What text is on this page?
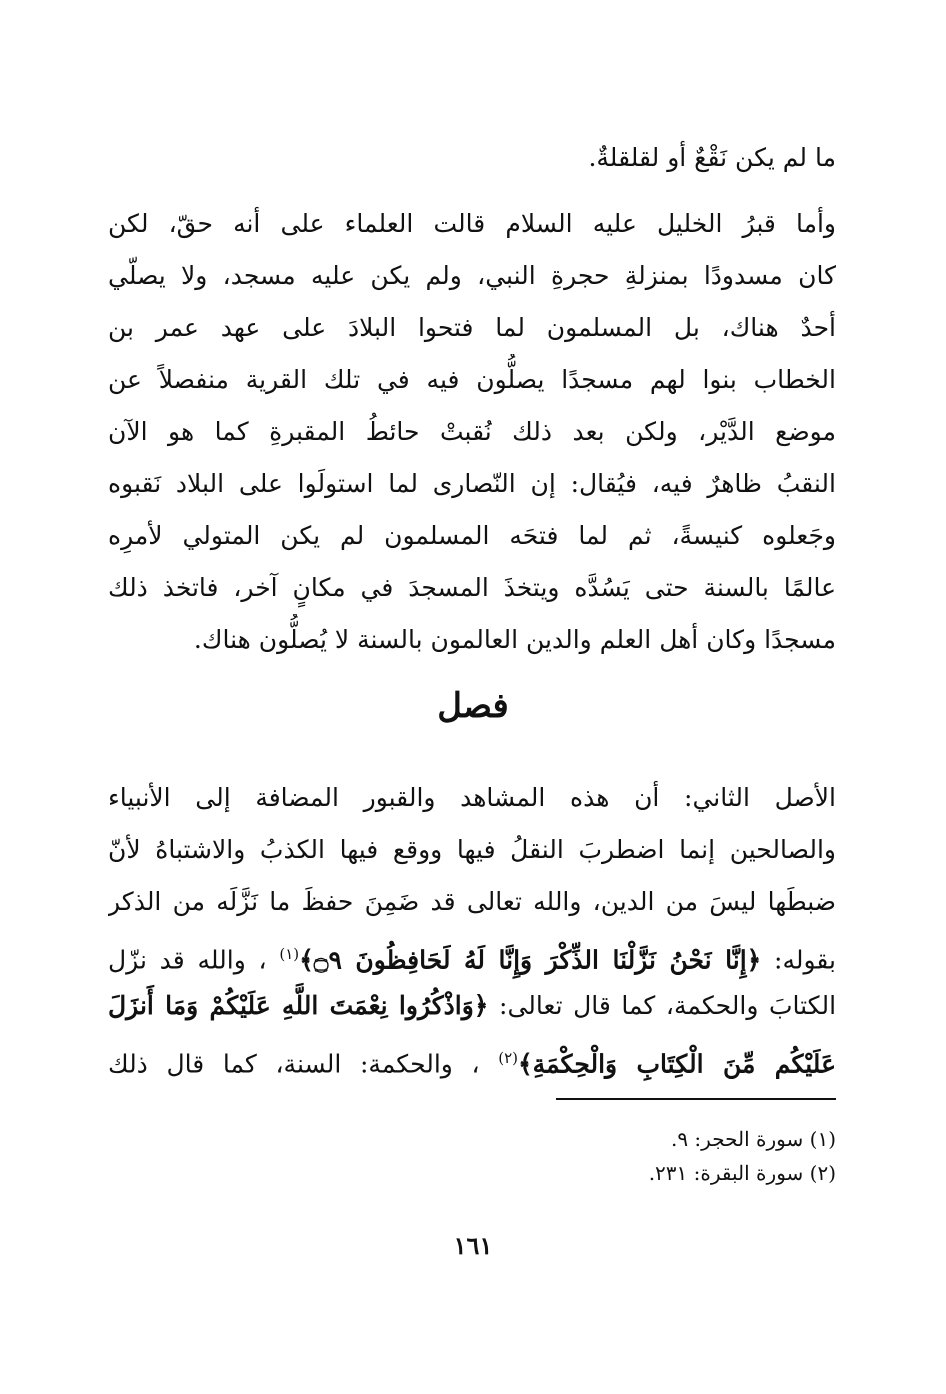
ما لم يكن نَقْعٌ أو لقلقلةٌ.
وأما قبرُ الخليل عليه السلام قالت العلماء على أنه حقّ، لكن
كان مسدودًا بمنزلةِ حجرةِ النبي، ولم يكن عليه مسجد، ولا يصلّي
أحدٌ هناك، بل المسلمون لما فتحوا البلادَ على عهد عمر بن
الخطاب بنوا لهم مسجدًا يصلُّون فيه في تلك القرية منفصلاً عن
موضع الدَّيْر، ولكن بعد ذلك نُقبتْ حائطُ المقبرةِ كما هو الآن
النقبُ ظاهرٌ فيه، فيُقال: إن النّصارى لما استولَوا على البلاد نَقبوه
وجَعلوه كنيسةً، ثم لما فتحَه المسلمون لم يكن المتولي لأمرِه
عالمًا بالسنة حتى يَسُدَّه ويتخذَ المسجدَ في مكانٍ آخر، فاتخذ ذلك
مسجدًا وكان أهل العلم والدين العالمون بالسنة لا يُصلُّون هناك.
فصل
الأصل الثاني: أن هذه المشاهد والقبور المضافة إلى الأنبياء
والصالحين إنما اضطربَ النقلُ فيها ووقع فيها الكذبُ والاشتباهُ لأنّ
ضبطَها ليسَ من الدين، والله تعالى قد ضَمِنَ حفظَ ما نَزَّلَه من الذكر
بقوله: ﴿إِنَّا نَحْنُ نَزَّلْنَا الذِّكْرَ وَإِنَّا لَهُ لَحَافِظُونَ ۝٩﴾$^{(١)}$ ، والله قد نزّل
الكتابَ والحكمة، كما قال تعالى: ﴿وَاذْكُرُوا نِعْمَتَ اللَّهِ عَلَيْكُمْ وَمَا أَنزَلَ
عَلَيْكُم مِّنَ الْكِتَابِ وَالْحِكْمَةِ﴾$^{(٢)}$ ، والحكمة: السنة، كما قال ذلك
(١) سورة الحجر: ٩.
(٢) سورة البقرة: ٢٣١.
١٦١
